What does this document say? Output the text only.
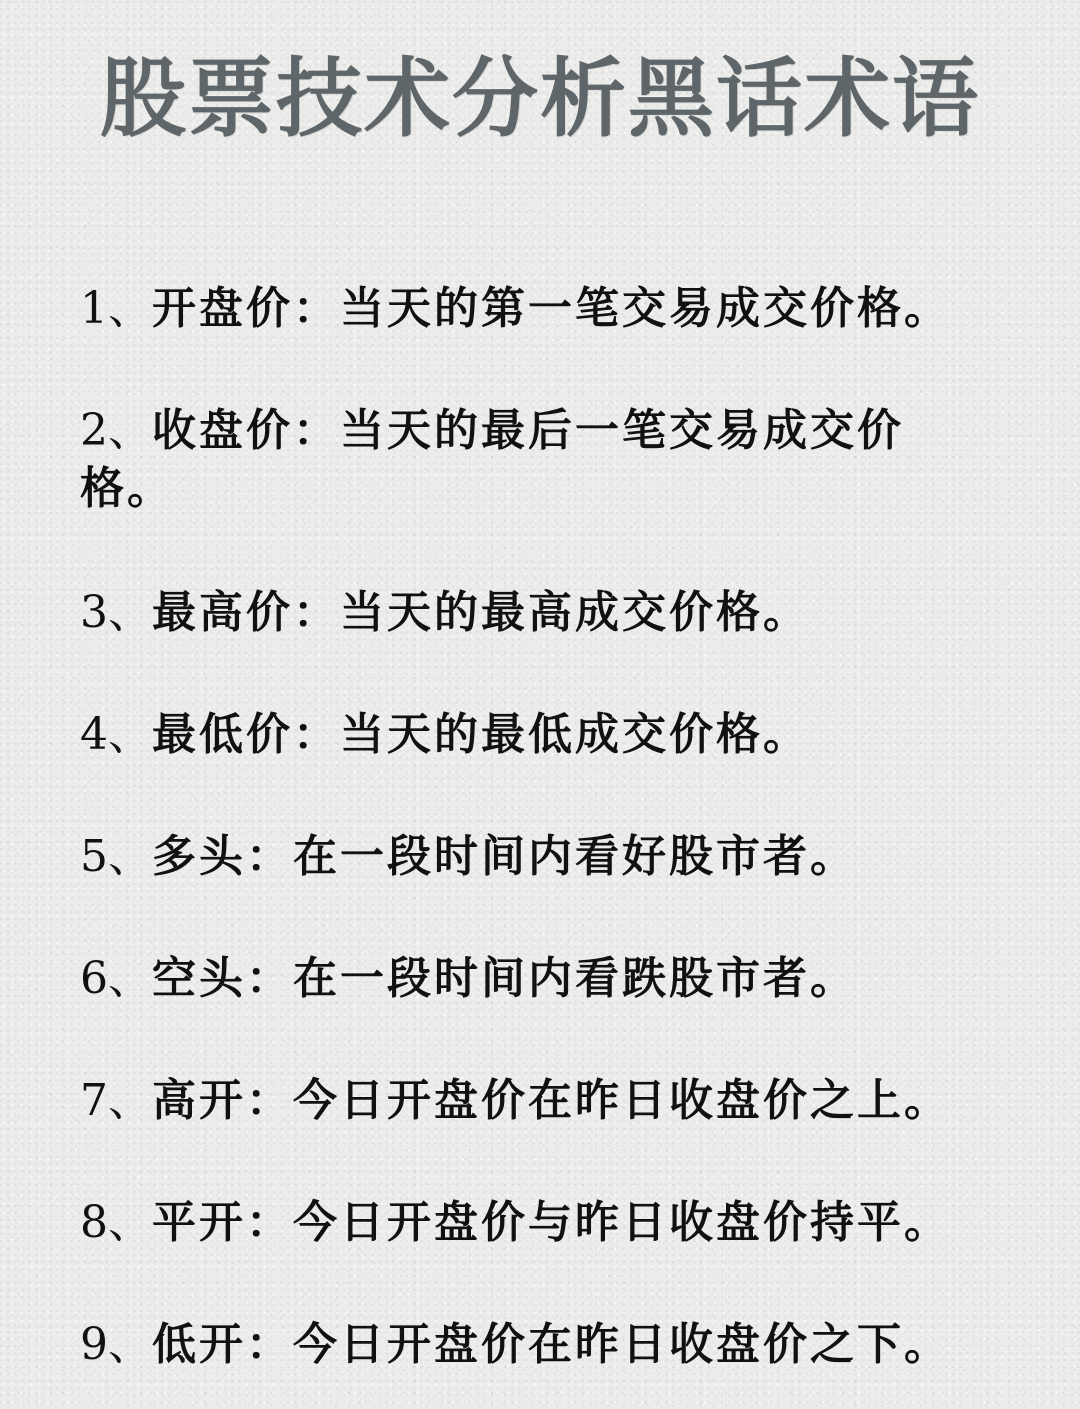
股票技术分析黑话术语
1、开盘价：当天的第一笔交易成交价格。
2、收盘价：当天的最后一笔交易成交价格。
3、最高价：当天的最高成交价格。
4、最低价：当天的最低成交价格。
5、多头：在一段时间内看好股市者。
6、空头：在一段时间内看跌股市者。
7、高开：今日开盘价在昨日收盘价之上。
8、平开：今日开盘价与昨日收盘价持平。
9、低开：今日开盘价在昨日收盘价之下。
